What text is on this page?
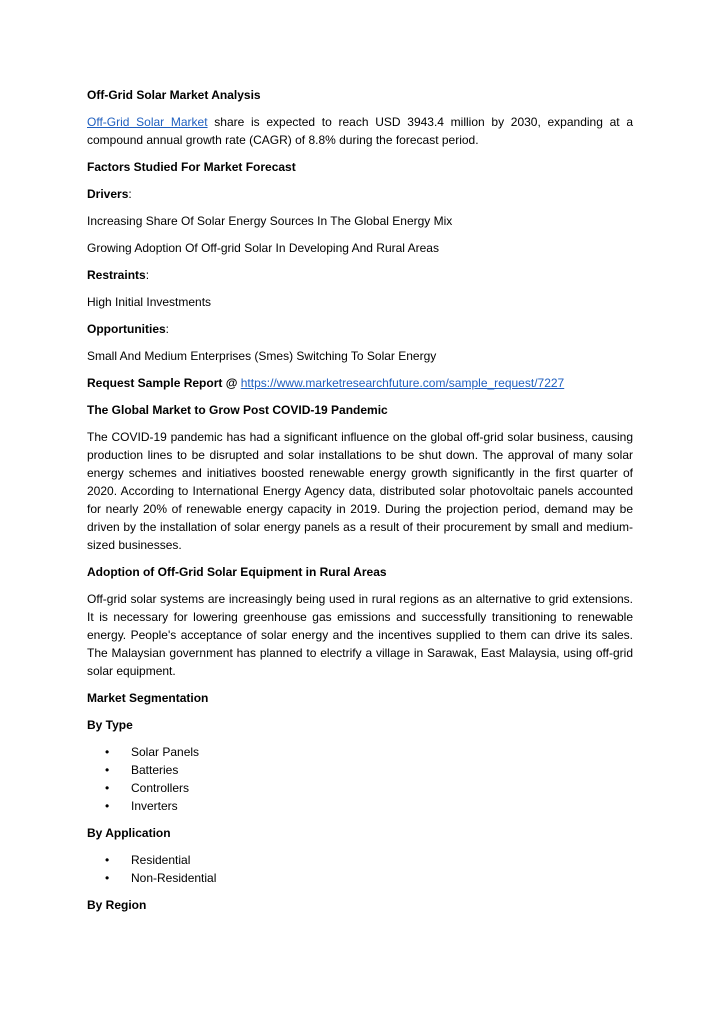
Off-Grid Solar Market Analysis

Off-Grid Solar Market share is expected to reach USD 3943.4 million by 2030, expanding at a compound annual growth rate (CAGR) of 8.8% during the forecast period.

Factors Studied For Market Forecast

Drivers:

Increasing Share Of Solar Energy Sources In The Global Energy Mix

Growing Adoption Of Off-grid Solar In Developing And Rural Areas

Restraints:

High Initial Investments

Opportunities:

Small And Medium Enterprises (Smes) Switching To Solar Energy

Request Sample Report @ https://www.marketresearchfuture.com/sample_request/7227

The Global Market to Grow Post COVID-19 Pandemic

The COVID-19 pandemic has had a significant influence on the global off-grid solar business, causing production lines to be disrupted and solar installations to be shut down. The approval of many solar energy schemes and initiatives boosted renewable energy growth significantly in the first quarter of 2020. According to International Energy Agency data, distributed solar photovoltaic panels accounted for nearly 20% of renewable energy capacity in 2019. During the projection period, demand may be driven by the installation of solar energy panels as a result of their procurement by small and medium-sized businesses.

Adoption of Off-Grid Solar Equipment in Rural Areas

Off-grid solar systems are increasingly being used in rural regions as an alternative to grid extensions. It is necessary for lowering greenhouse gas emissions and successfully transitioning to renewable energy. People's acceptance of solar energy and the incentives supplied to them can drive its sales. The Malaysian government has planned to electrify a village in Sarawak, East Malaysia, using off-grid solar equipment.

Market Segmentation

By Type

• Solar Panels
• Batteries
• Controllers
• Inverters

By Application

• Residential
• Non-Residential

By Region
